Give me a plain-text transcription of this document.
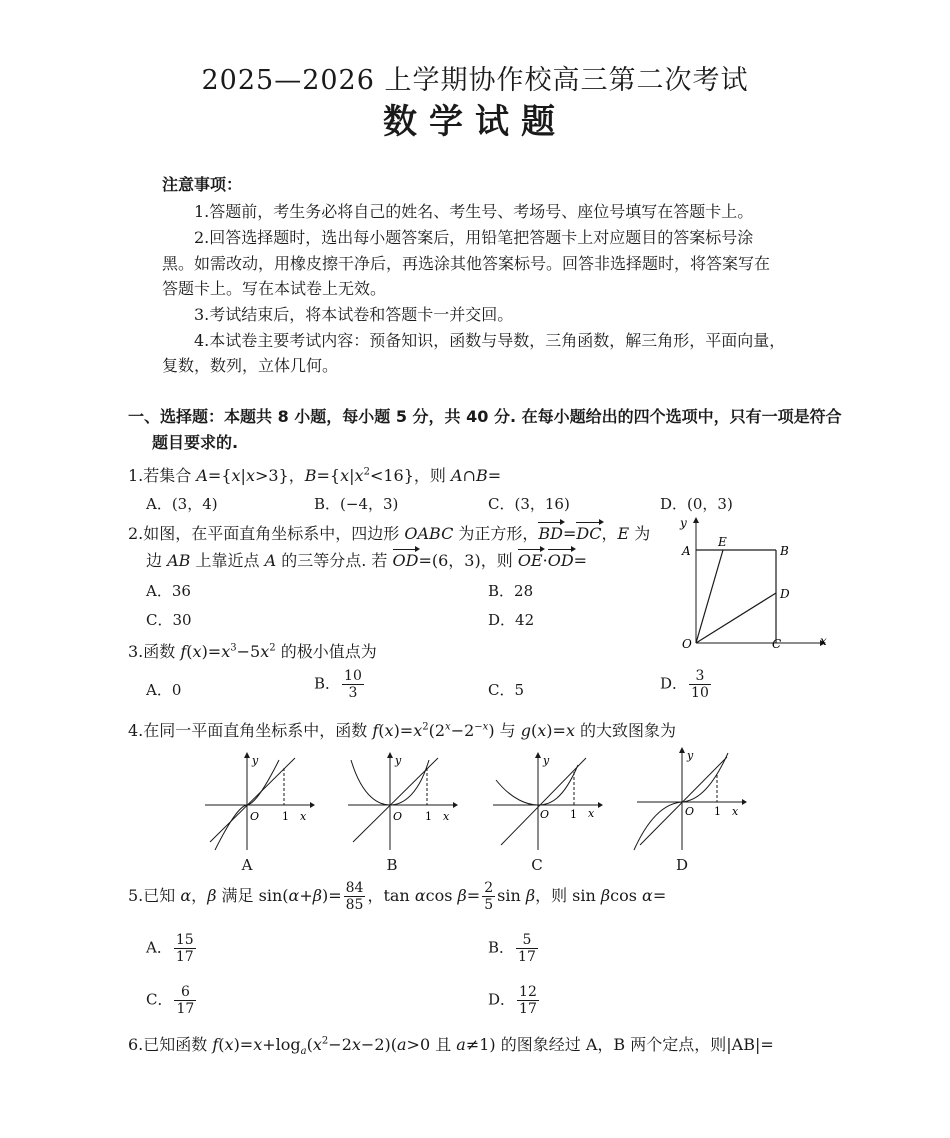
2025—2026 上学期协作校高三第二次考试
数学试题
注意事项：
1.答题前，考生务必将自己的姓名、考生号、考场号、座位号填写在答题卡上。
2.回答选择题时，选出每小题答案后，用铅笔把答题卡上对应题目的答案标号涂
黑。如需改动，用橡皮擦干净后，再选涂其他答案标号。回答非选择题时，将答案写在
答题卡上。写在本试卷上无效。
3.考试结束后，将本试卷和答题卡一并交回。
4.本试卷主要考试内容：预备知识，函数与导数，三角函数，解三角形，平面向量，
复数，数列，立体几何。
一、选择题：本题共 8 小题，每小题 5 分，共 40 分. 在每小题给出的四个选项中，只有一项是符合
题目要求的.
1.若集合 A={x|x>3}，$B=\{x|x^2<16\}$，则 A∩B=
A．(3，4)	B．(−4，3)	C．(3，16)	D．(0，3)
2.如图，在平面直角坐标系中，四边形 OABC 为正方形，BD=DC，E 为
边 AB 上靠近点 A 的三等分点. 若 OD=(6，3)，则 OE·OD=
A．36	B．28
C．30	D．42
y
x
A
E
B
D
O	C
3.函数 $f(x)=x^3-5x^2$ 的极小值点为
A．0	B． $\frac{10}{3}$	C．5	D． $\frac{3}{10}$
4.在同一平面直角坐标系中，函数 $f(x)=x^2(2^x-2^{-x})$ 与 g(x)=x 的大致图象为
y
x
O 1
A
y
x
O 1
B
y
x
O 1
C
y
x
O 1
D
5.已知 α，β 满足 $\sin(\alpha+\beta)= \frac{84}{85}$ ，tan αcos $\beta= \frac{2}{5}$ sin β，则 sin βcos α=
A． $\frac{15}{17}$	B． $\frac{5}{17}$
C． $\frac{6}{17}$	D． $\frac{12}{17}$
6.已知函数 $f(x)=x+\log_a(x^2-2x-2)(a>0$ 且 a≠1) 的图象经过 A，B 两个定点，则|AB|=
